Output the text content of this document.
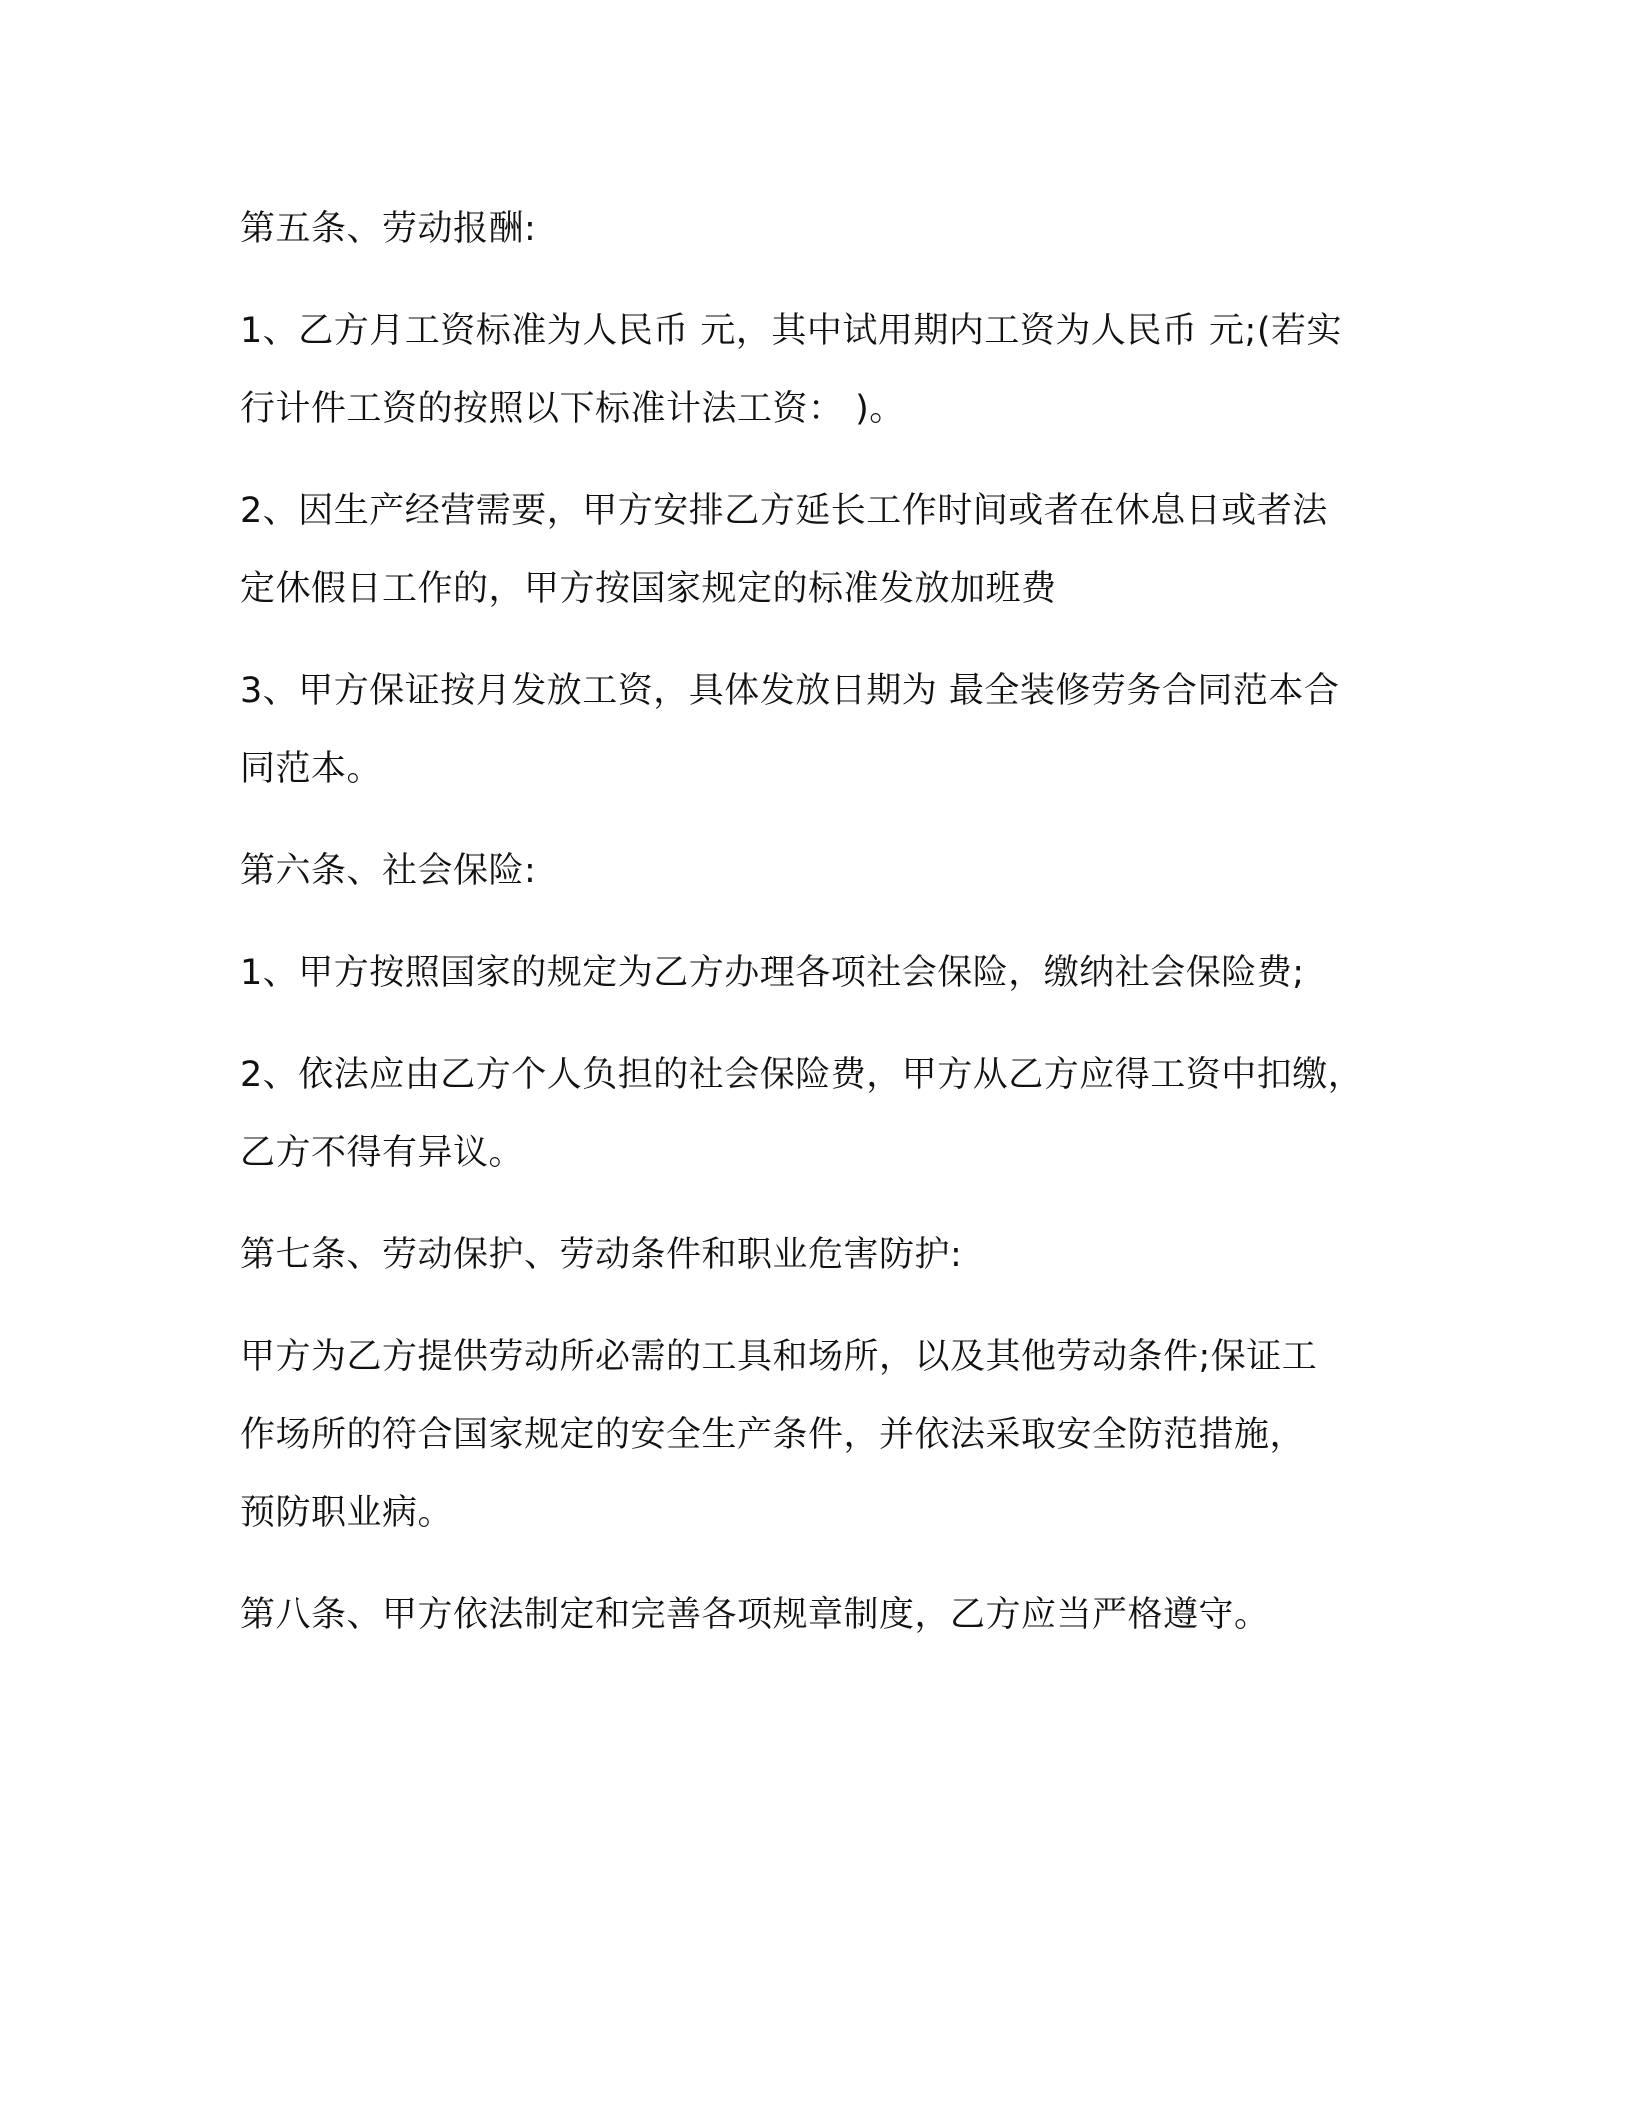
第五条、劳动报酬:

1、乙方月工资标准为人民币 元，其中试用期内工资为人民币 元;(若实
行计件工资的按照以下标准计法工资： )。

2、因生产经营需要，甲方安排乙方延长工作时间或者在休息日或者法
定休假日工作的，甲方按国家规定的标准发放加班费

3、甲方保证按月发放工资，具体发放日期为 最全装修劳务合同范本合
同范本。

第六条、社会保险:

1、甲方按照国家的规定为乙方办理各项社会保险，缴纳社会保险费;

2、依法应由乙方个人负担的社会保险费，甲方从乙方应得工资中扣缴，
乙方不得有异议。

第七条、劳动保护、劳动条件和职业危害防护:

甲方为乙方提供劳动所必需的工具和场所，以及其他劳动条件;保证工
作场所的符合国家规定的安全生产条件，并依法采取安全防范措施，
预防职业病。

第八条、甲方依法制定和完善各项规章制度，乙方应当严格遵守。
